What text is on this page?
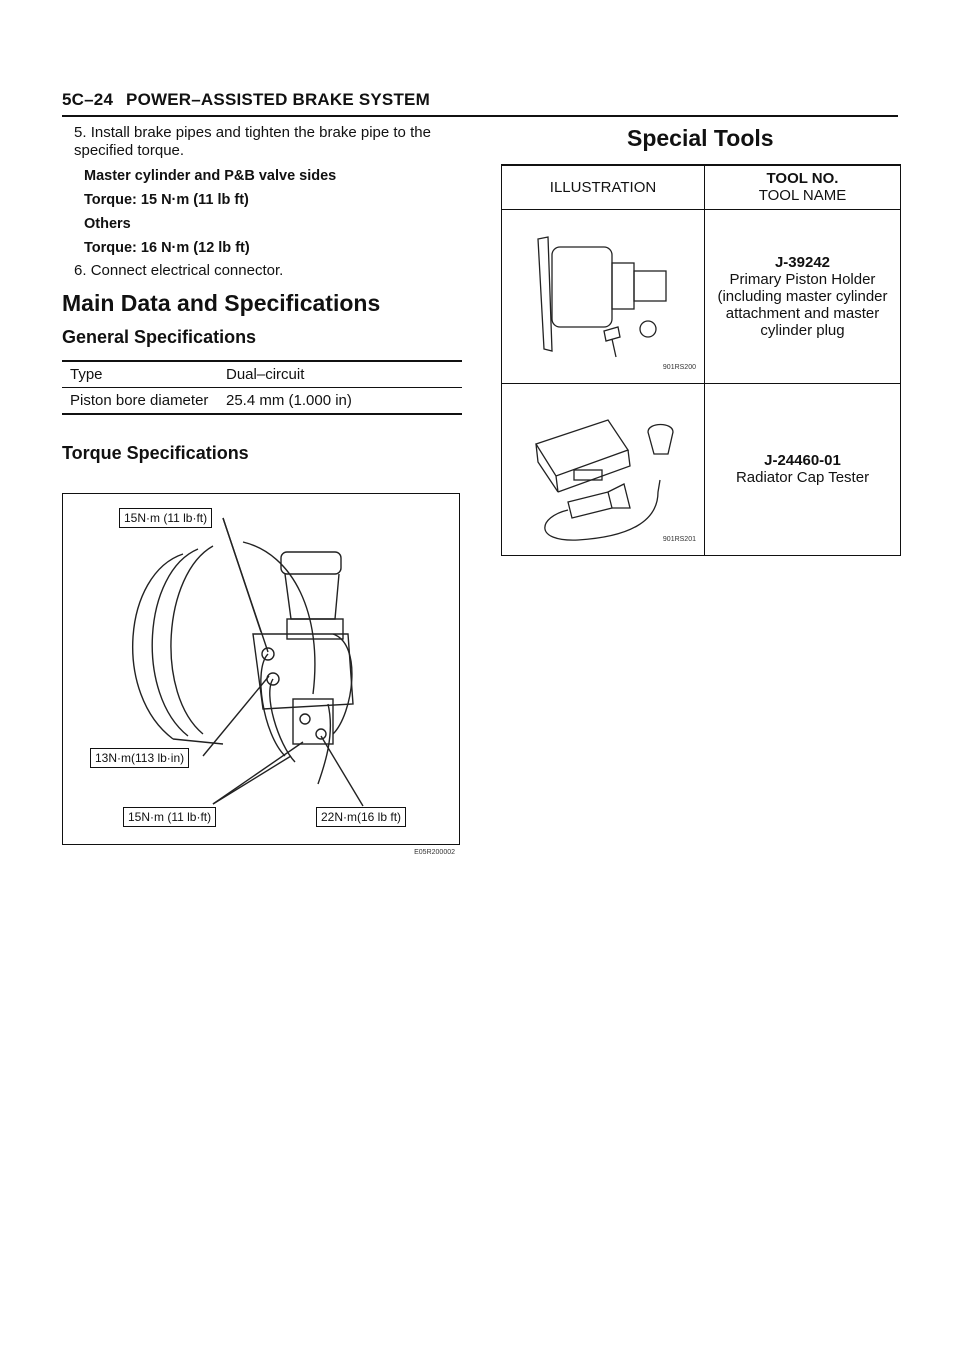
5C–24 POWER–ASSISTED BRAKE SYSTEM

5. Install brake pipes and tighten the brake pipe to the specified torque.

Master cylinder and P&B valve sides

Torque: 15 N·m (11 lb ft)

Others

Torque: 16 N·m (12 lb ft)

6. Connect electrical connector.

Main Data and Specifications
General Specifications
Type	Dual–circuit
Piston bore diameter	25.4 mm (1.000 in)
Torque Specifications
15N·m (11 lb·ft)
13N·m(113 lb·in)
15N·m (11 lb·ft)	22N·m(16 lb ft)
E05R200002
Special Tools
ILLUSTRATION	TOOL NO.
TOOL NAME

901RS200	J-39242
Primary Piston Holder (including master cylinder attachment and master cylinder plug

901RS201	J-24460-01
Radiator Cap Tester
